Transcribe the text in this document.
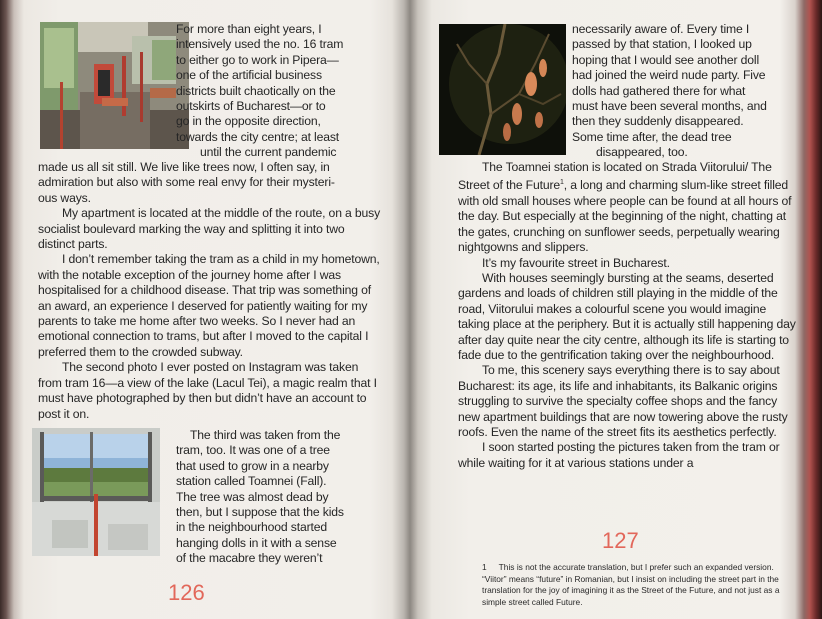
For more than eight years, I
intensively used the no. 16 tram
to either go to work in Pipera—
one of the artificial business
districts built chaotically on the
outskirts of Bucharest—or to
go in the opposite direction,
towards the city centre; at least
until the current pandemic
made us all sit still. We live like trees now, I often say, in
admiration but also with some real envy for their mysteri-
ous ways.

My apartment is located at the middle of the route, on a busy socialist boulevard marking the way and splitting it into two distinct parts.

I don’t remember taking the tram as a child in my hometown, with the notable exception of the journey home after I was hospitalised for a childhood disease. That trip was something of an award, an experience I deserved for patiently waiting for my parents to take me home after two weeks. So I never had an emotional connection to trams, but after I moved to the capital I preferred them to the crowded subway.

The second photo I ever posted on Instagram was taken from tram 16—a view of the lake (Lacul Tei), a magic realm that I must have photographed by then but didn’t have an account to post it on.

The third was taken from the
tram, too. It was one of a tree
that used to grow in a nearby
station called Toamnei (Fall).
The tree was almost dead by
then, but I suppose that the kids
in the neighbourhood started
hanging dolls in it with a sense
of the macabre they weren’t
126
necessarily aware of. Every time I
passed by that station, I looked up
hoping that I would see another doll
had joined the weird nude party. Five
dolls had gathered there for what
must have been several months, and
then they suddenly disappeared.
Some time after, the dead tree
disappeared, too.

The Toamnei station is located on Strada Viitorului/ The Street of the Future$^1$, a long and charming slum-like street filled with old small houses where people can be found at all hours of the day. But especially at the beginning of the night, chatting at the gates, crunching on sunflower seeds, perpetually wearing nightgowns and slippers.

It’s my favourite street in Bucharest.

With houses seemingly bursting at the seams, deserted gardens and loads of children still playing in the middle of the road, Viitorului makes a colourful scene you would imagine taking place at the periphery. But it is actually still happening day after day quite near the city centre, although its life is starting to fade due to the gentrification taking over the neighbourhood.

To me, this scenery says everything there is to say about Bucharest: its age, its life and inhabitants, its Balkanic origins struggling to survive the specialty coffee shops and the fancy new apartment buildings that are now towering above the rusty roofs. Even the name of the street fits its aesthetics perfectly.

I soon started posting the pictures taken from the tram or while waiting for it at various stations under a

127
1 This is not the accurate translation, but I prefer such an expanded version. “Viitor” means “future” in Romanian, but I insist on including the street part in the translation for the joy of imagining it as the Street of the Future, and not just as a simple street called Future.
